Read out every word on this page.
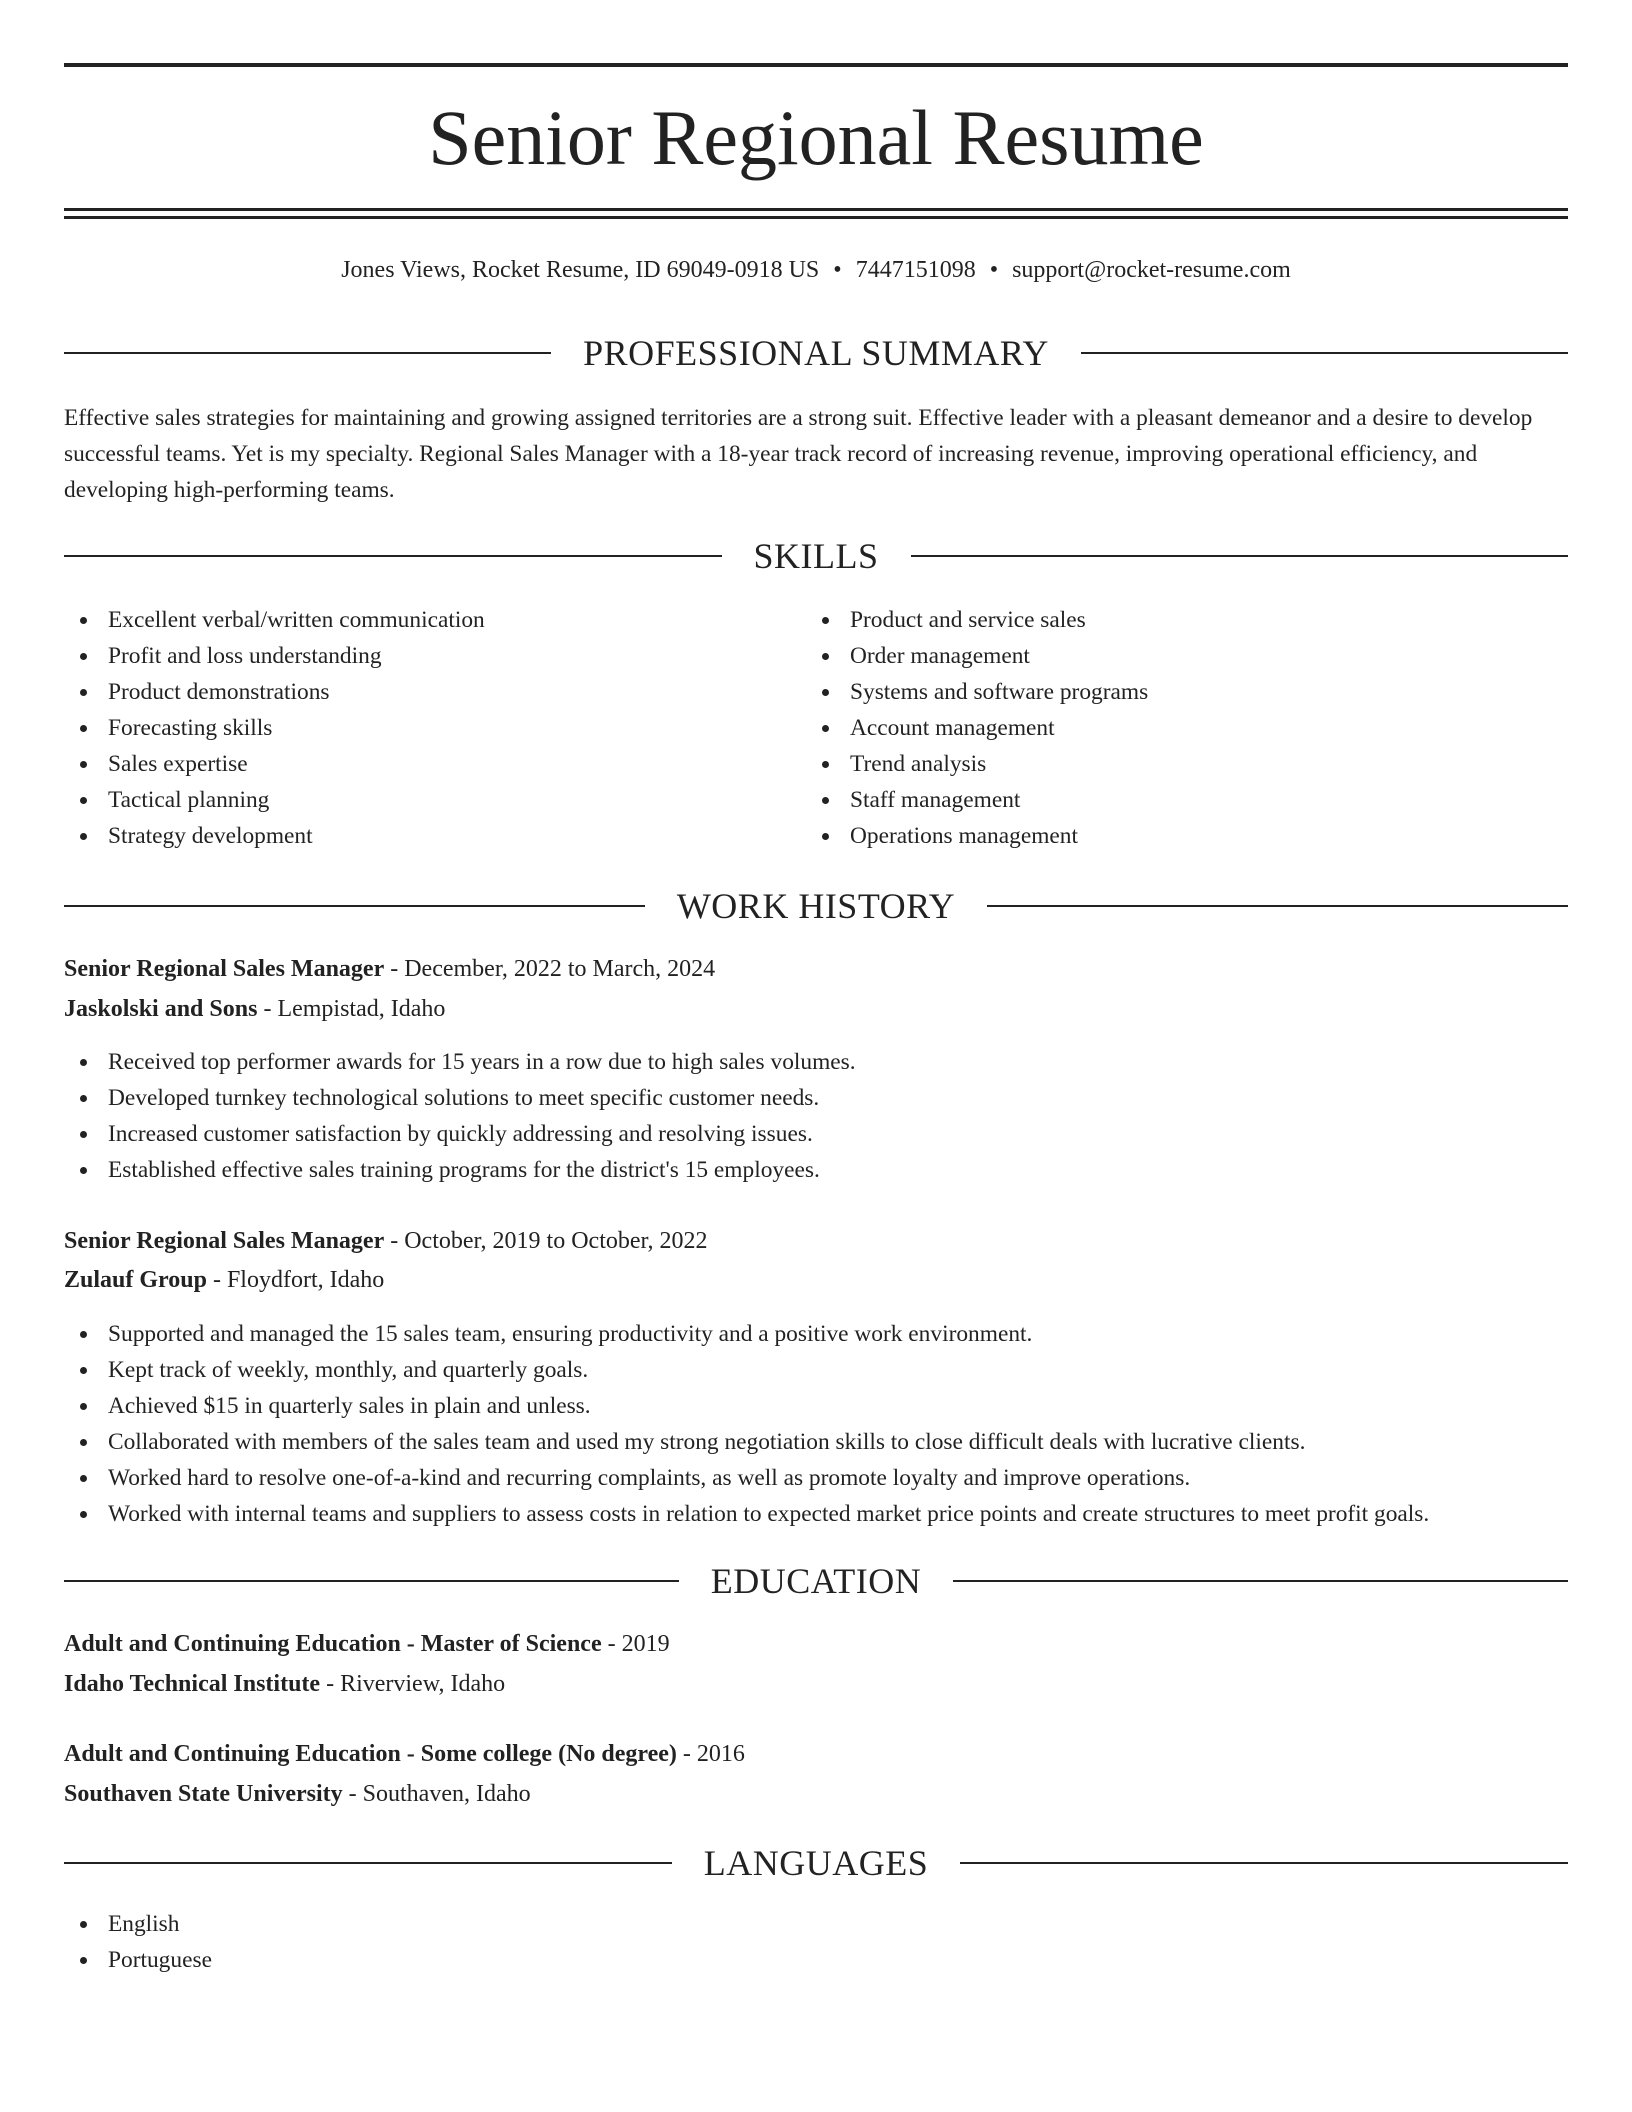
Senior Regional Resume
Jones Views, Rocket Resume, ID 69049-0918 US • 7447151098 • support@rocket-resume.com
PROFESSIONAL SUMMARY

Effective sales strategies for maintaining and growing assigned territories are a strong suit. Effective leader with a pleasant demeanor and a desire to develop successful teams. Yet is my specialty. Regional Sales Manager with a 18-year track record of increasing revenue, improving operational efficiency, and developing high-performing teams.

SKILLS
Excellent verbal/written communication
Profit and loss understanding
Product demonstrations
Forecasting skills
Sales expertise
Tactical planning
Strategy development
Product and service sales
Order management
Systems and software programs
Account management
Trend analysis
Staff management
Operations management
WORK HISTORY
Senior Regional Sales Manager - December, 2022 to March, 2024
Jaskolski and Sons - Lempistad, Idaho
Received top performer awards for 15 years in a row due to high sales volumes.
Developed turnkey technological solutions to meet specific customer needs.
Increased customer satisfaction by quickly addressing and resolving issues.
Established effective sales training programs for the district's 15 employees.
Senior Regional Sales Manager - October, 2019 to October, 2022
Zulauf Group - Floydfort, Idaho
Supported and managed the 15 sales team, ensuring productivity and a positive work environment.
Kept track of weekly, monthly, and quarterly goals.
Achieved $15 in quarterly sales in plain and unless.
Collaborated with members of the sales team and used my strong negotiation skills to close difficult deals with lucrative clients.
Worked hard to resolve one-of-a-kind and recurring complaints, as well as promote loyalty and improve operations.
Worked with internal teams and suppliers to assess costs in relation to expected market price points and create structures to meet profit goals.
EDUCATION
Adult and Continuing Education - Master of Science - 2019
Idaho Technical Institute - Riverview, Idaho
Adult and Continuing Education - Some college (No degree) - 2016
Southaven State University - Southaven, Idaho
LANGUAGES
English
Portuguese
